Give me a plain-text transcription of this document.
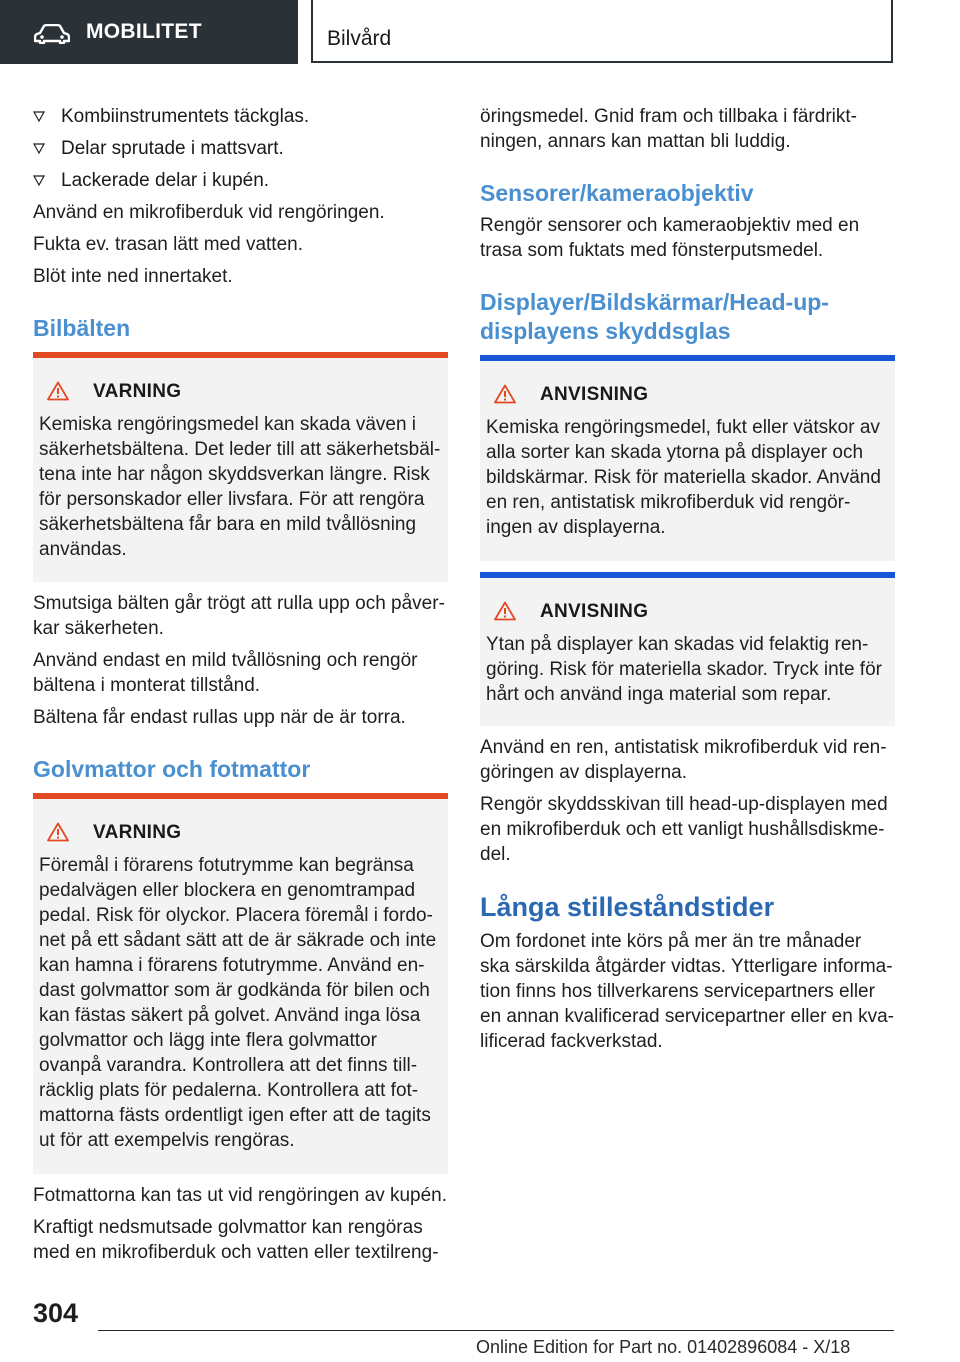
MOBILITET	Bilvård
Kombiinstrumentets täckglas.
Delar sprutade i mattsvart.
Lackerade delar i kupén.
Använd en mikrofiberduk vid rengöringen.
Fukta ev. trasan lätt med vatten.
Blöt inte ned innertaket.
Bilbälten
VARNING
Kemiska rengöringsmedel kan skada väven i
säkerhetsbältena. Det leder till att säkerhetsbäl-
tena inte har någon skyddsverkan längre. Risk
för personskador eller livsfara. För att rengöra
säkerhetsbältena får bara en mild tvållösning
användas.
Smutsiga bälten går trögt att rulla upp och påver-
kar säkerheten.
Använd endast en mild tvållösning och rengör
bältena i monterat tillstånd.
Bältena får endast rullas upp när de är torra.
Golvmattor och fotmattor
VARNING
Föremål i förarens fotutrymme kan begränsa
pedalvägen eller blockera en genomtrampad
pedal. Risk för olyckor. Placera föremål i fordo-
net på ett sådant sätt att de är säkrade och inte
kan hamna i förarens fotutrymme. Använd en-
dast golvmattor som är godkända för bilen och
kan fästas säkert på golvet. Använd inga lösa
golvmattor och lägg inte flera golvmattor
ovanpå varandra. Kontrollera att det finns till-
räcklig plats för pedalerna. Kontrollera att fot-
mattorna fästs ordentligt igen efter att de tagits
ut för att exempelvis rengöras.
Fotmattorna kan tas ut vid rengöringen av kupén.
Kraftigt nedsmutsade golvmattor kan rengöras
med en mikrofiberduk och vatten eller textilreng-
öringsmedel. Gnid fram och tillbaka i färdrikt-
ningen, annars kan mattan bli luddig.
Sensorer/kameraobjektiv
Rengör sensorer och kameraobjektiv med en
trasa som fuktats med fönsterputsmedel.
Displayer/Bildskärmar/Head-up-
displayens skyddsglas
ANVISNING
Kemiska rengöringsmedel, fukt eller vätskor av
alla sorter kan skada ytorna på displayer och
bildskärmar. Risk för materiella skador. Använd
en ren, antistatisk mikrofiberduk vid rengör-
ingen av displayerna.
ANVISNING
Ytan på displayer kan skadas vid felaktig ren-
göring. Risk för materiella skador. Tryck inte för
hårt och använd inga material som repar.
Använd en ren, antistatisk mikrofiberduk vid ren-
göringen av displayerna.
Rengör skyddsskivan till head-up-displayen med
en mikrofiberduk och ett vanligt hushållsdiskme-
del.
Långa stilleståndstider
Om fordonet inte körs på mer än tre månader
ska särskilda åtgärder vidtas. Ytterligare informa-
tion finns hos tillverkarens servicepartners eller
en annan kvalificerad servicepartner eller en kva-
lificerad fackverkstad.
304
Online Edition for Part no. 01402896084 - X/18
